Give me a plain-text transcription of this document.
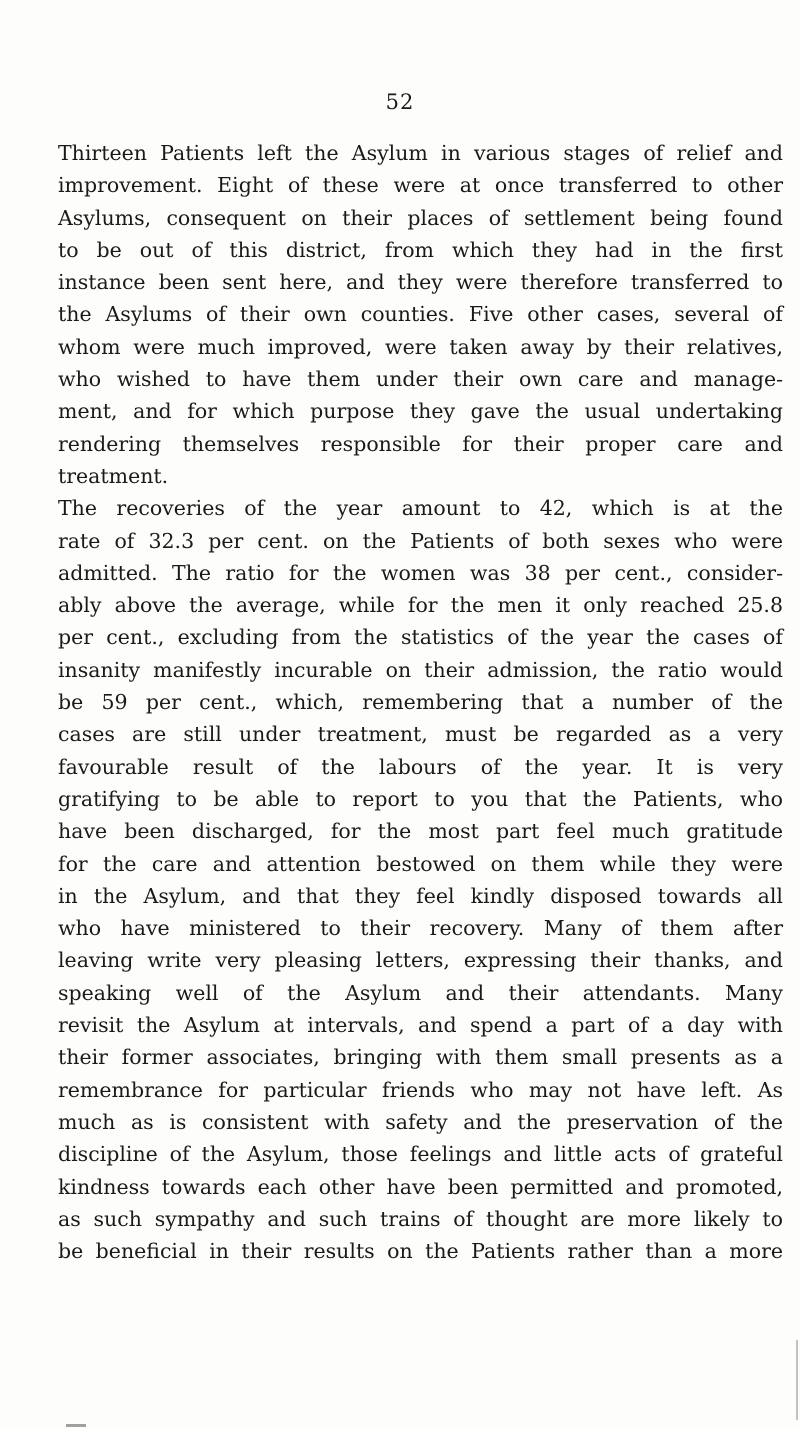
52
Thirteen Patients left the Asylum in various stages of relief and
improvement. Eight of these were at once transferred to other
Asylums, consequent on their places of settlement being found
to be out of this district, from which they had in the first
instance been sent here, and they were therefore transferred to
the Asylums of their own counties. Five other cases, several of
whom were much improved, were taken away by their relatives,
who wished to have them under their own care and manage-
ment, and for which purpose they gave the usual undertaking
rendering themselves responsible for their proper care and
treatment.
The recoveries of the year amount to 42, which is at the
rate of 32.3 per cent. on the Patients of both sexes who were
admitted. The ratio for the women was 38 per cent., consider-
ably above the average, while for the men it only reached 25.8
per cent., excluding from the statistics of the year the cases of
insanity manifestly incurable on their admission, the ratio would
be 59 per cent., which, remembering that a number of the
cases are still under treatment, must be regarded as a very
favourable result of the labours of the year. It is very
gratifying to be able to report to you that the Patients, who
have been discharged, for the most part feel much gratitude
for the care and attention bestowed on them while they were
in the Asylum, and that they feel kindly disposed towards all
who have ministered to their recovery. Many of them after
leaving write very pleasing letters, expressing their thanks, and
speaking well of the Asylum and their attendants. Many
revisit the Asylum at intervals, and spend a part of a day with
their former associates, bringing with them small presents as a
remembrance for particular friends who may not have left. As
much as is consistent with safety and the preservation of the
discipline of the Asylum, those feelings and little acts of grateful
kindness towards each other have been permitted and promoted,
as such sympathy and such trains of thought are more likely to
be beneficial in their results on the Patients rather than a more
